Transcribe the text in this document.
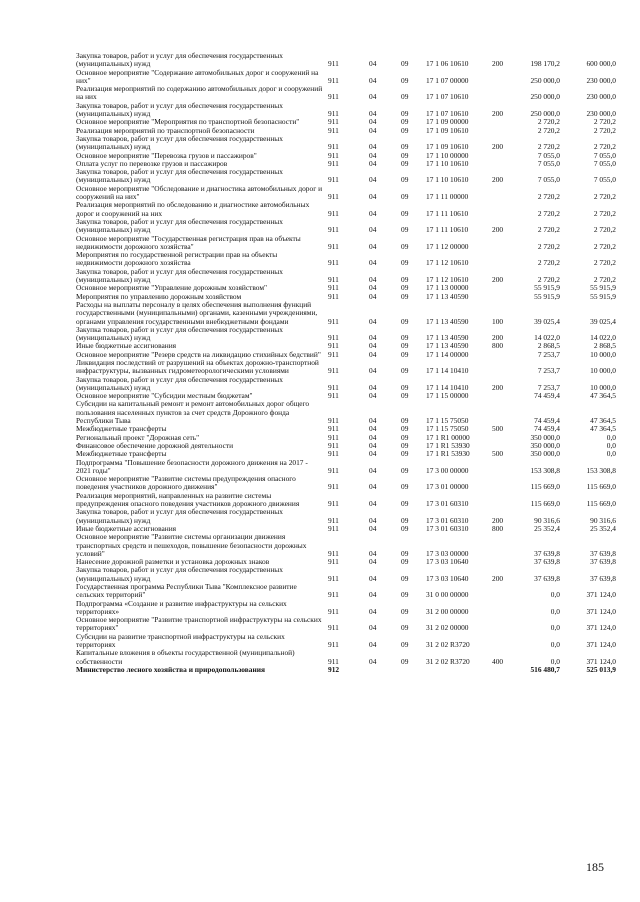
Закупка товаров, работ и услуг для обеспечения государственных (муниципальных) нужд	911	04	09	17 1 06 10610	200	198 170,2	600 000,0
Основное мероприятие "Содержание автомобильных дорог и сооружений на них"	911	04	09	17 1 07 00000		250 000,0	230 000,0
Реализация мероприятий по содержанию автомобильных дорог и сооружений на них	911	04	09	17 1 07 10610		250 000,0	230 000,0
Закупка товаров, работ и услуг для обеспечения государственных (муниципальных) нужд	911	04	09	17 1 07 10610	200	250 000,0	230 000,0
Основное мероприятие "Мероприятия по транспортной безопасности"	911	04	09	17 1 09 00000		2 720,2	2 720,2
Реализация мероприятий по транспортной безопасности	911	04	09	17 1 09 10610		2 720,2	2 720,2
Закупка товаров, работ и услуг для обеспечения государственных (муниципальных) нужд	911	04	09	17 1 09 10610	200	2 720,2	2 720,2
Основное мероприятие "Перевозка грузов и пассажиров"	911	04	09	17 1 10 00000		7 055,0	7 055,0
Оплата услуг по перевозке грузов и пассажиров	911	04	09	17 1 10 10610		7 055,0	7 055,0
Закупка товаров, работ и услуг для обеспечения государственных (муниципальных) нужд	911	04	09	17 1 10 10610	200	7 055,0	7 055,0
Основное мероприятие "Обследование и диагностика автомобильных дорог и сооружений на них"	911	04	09	17 1 11 00000		2 720,2	2 720,2
Реализация мероприятий по обследованию и диагностике автомобильных дорог и сооружений на них	911	04	09	17 1 11 10610		2 720,2	2 720,2
Закупка товаров, работ и услуг для обеспечения государственных (муниципальных) нужд	911	04	09	17 1 11 10610	200	2 720,2	2 720,2
Основное мероприятие "Государственная регистрация прав на объекты недвижимости дорожного хозяйства"	911	04	09	17 1 12 00000		2 720,2	2 720,2
Мероприятия по государственной регистрации прав на объекты недвижимости дорожного хозяйства	911	04	09	17 1 12 10610		2 720,2	2 720,2
Закупка товаров, работ и услуг для обеспечения государственных (муниципальных) нужд	911	04	09	17 1 12 10610	200	2 720,2	2 720,2
Основное мероприятие "Управление дорожным хозяйством"	911	04	09	17 1 13 00000		55 915,9	55 915,9
Мероприятия по управлению дорожным хозяйством	911	04	09	17 1 13 40590		55 915,9	55 915,9
Расходы на выплаты персоналу в целях обеспечения выполнения функций государственными (муниципальными) органами, казенными учреждениями, органами управления государственными внебюджетными фондами	911	04	09	17 1 13 40590	100	39 025,4	39 025,4
Закупка товаров, работ и услуг для обеспечения государственных (муниципальных) нужд	911	04	09	17 1 13 40590	200	14 022,0	14 022,0
Иные бюджетные ассигнования	911	04	09	17 1 13 40590	800	2 868,5	2 868,5
Основное мероприятие "Резерв средств на ликвидацию стихийных бедствий"	911	04	09	17 1 14 00000		7 253,7	10 000,0
Ликвидация последствий от разрушений на объектах дорожно-транспортной инфраструктуры, вызванных гидрометеорологическими условиями	911	04	09	17 1 14 10410		7 253,7	10 000,0
Закупка товаров, работ и услуг для обеспечения государственных (муниципальных) нужд	911	04	09	17 1 14 10410	200	7 253,7	10 000,0
Основное мероприятие "Субсидии местным бюджетам"	911	04	09	17 1 15 00000		74 459,4	47 364,5
Субсидии на капитальный ремонт и ремонт автомобильных дорог общего пользования населенных пунктов за счет средств Дорожного фонда Республики Тыва	911	04	09	17 1 15 75050		74 459,4	47 364,5
Межбюджетные трансферты	911	04	09	17 1 15 75050	500	74 459,4	47 364,5
Региональный проект "Дорожная сеть"	911	04	09	17 1 R1 00000		350 000,0	0,0
Финансовое обеспечение дорожной деятельности	911	04	09	17 1 R1 53930		350 000,0	0,0
Межбюджетные трансферты	911	04	09	17 1 R1 53930	500	350 000,0	0,0
Подпрограмма "Повышение безопасности дорожного движения на 2017 - 2021 годы"	911	04	09	17 3 00 00000		153 308,8	153 308,8
Основное мероприятие "Развитие системы предупреждения опасного поведения участников дорожного движения"	911	04	09	17 3 01 00000		115 669,0	115 669,0
Реализация мероприятий, направленных на развитие системы предупреждения опасного поведения участников дорожного движения	911	04	09	17 3 01 60310		115 669,0	115 669,0
Закупка товаров, работ и услуг для обеспечения государственных (муниципальных) нужд	911	04	09	17 3 01 60310	200	90 316,6	90 316,6
Иные бюджетные ассигнования	911	04	09	17 3 01 60310	800	25 352,4	25 352,4
Основное мероприятие "Развитие системы организации движения транспортных средств и пешеходов, повышение безопасности дорожных условий"	911	04	09	17 3 03 00000		37 639,8	37 639,8
Нанесение дорожной разметки и установка дорожных знаков	911	04	09	17 3 03 10640		37 639,8	37 639,8
Закупка товаров, работ и услуг для обеспечения государственных (муниципальных) нужд	911	04	09	17 3 03 10640	200	37 639,8	37 639,8
Государственная программа Республики Тыва "Комплексное развитие сельских территорий"	911	04	09	31 0 00 00000		0,0	371 124,0
Подпрограмма «Создание и развитие инфраструктуры на сельских территориях»	911	04	09	31 2 00 00000		0,0	371 124,0
Основное мероприятие "Развитие транспортной инфраструктуры на сельских территориях"	911	04	09	31 2 02 00000		0,0	371 124,0
Субсидии на развитие транспортной инфраструктуры на сельских территориях	911	04	09	31 2 02 R3720		0,0	371 124,0
Капитальные вложения в объекты государственной (муниципальной) собственности	911	04	09	31 2 02 R3720	400	0,0	371 124,0
Министерство лесного хозяйства и природопользования	912					516 480,7	525 013,9
185
